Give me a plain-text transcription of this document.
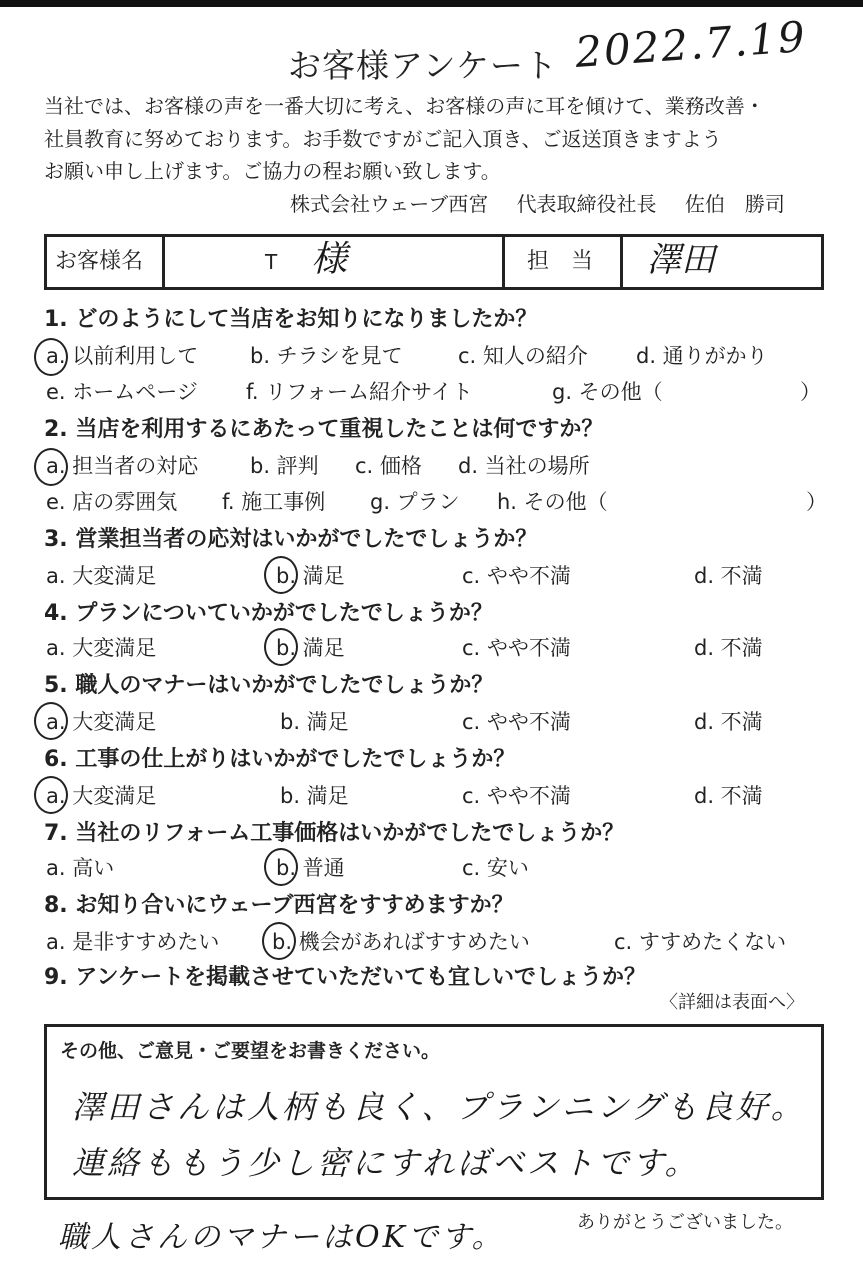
お客様アンケート 2022.7.19
当社では、お客様の声を一番大切に考え、お客様の声に耳を傾けて、業務改善・
社員教育に努めております。お手数ですがご記入頂き、ご返送頂きますよう
お願い申し上げます。ご協力の程お願い致します。
株式会社ウェーブ西宮 代表取締役社長 佐伯　勝司
お客様名	T 様	担　当 澤田
1. どのようにして当店をお知りになりましたか？
a. 以前利用して b. チラシを見て	c. 知人の紹介 d. 通りがかり
e. ホームページ f. リフォーム紹介サイト	g. その他（	）
2. 当店を利用するにあたって重視したことは何ですか？
a. 担当者の対応 b. 評判 c. 価格 d. 当社の場所
e. 店の雰囲気 f. 施工事例 g. プラン h. その他（	）
3. 営業担当者の応対はいかがでしたでしょうか？
a. 大変満足	b. 満足	c. やや不満	d. 不満
4. プランについていかがでしたでしょうか？
a. 大変満足	b. 満足	c. やや不満	d. 不満
5. 職人のマナーはいかがでしたでしょうか？
a. 大変満足	b. 満足	c. やや不満	d. 不満
6. 工事の仕上がりはいかがでしたでしょうか？
a. 大変満足	b. 満足	c. やや不満	d. 不満
7. 当社のリフォーム工事価格はいかがでしたでしょうか？
a. 高い	b. 普通	c. 安い
8. お知り合いにウェーブ西宮をすすめますか？
a. 是非すすめたい	b. 機会があればすすめたい	c. すすめたくない
9. アンケートを掲載させていただいても宜しいでしょうか？
〈詳細は表面へ〉
その他、ご意見・ご要望をお書きください。
澤田さんは人柄も良く、プランニングも良好。
連絡ももう少し密にすればベストです。
職人さんのマナーはOKです。	ありがとうございました。
